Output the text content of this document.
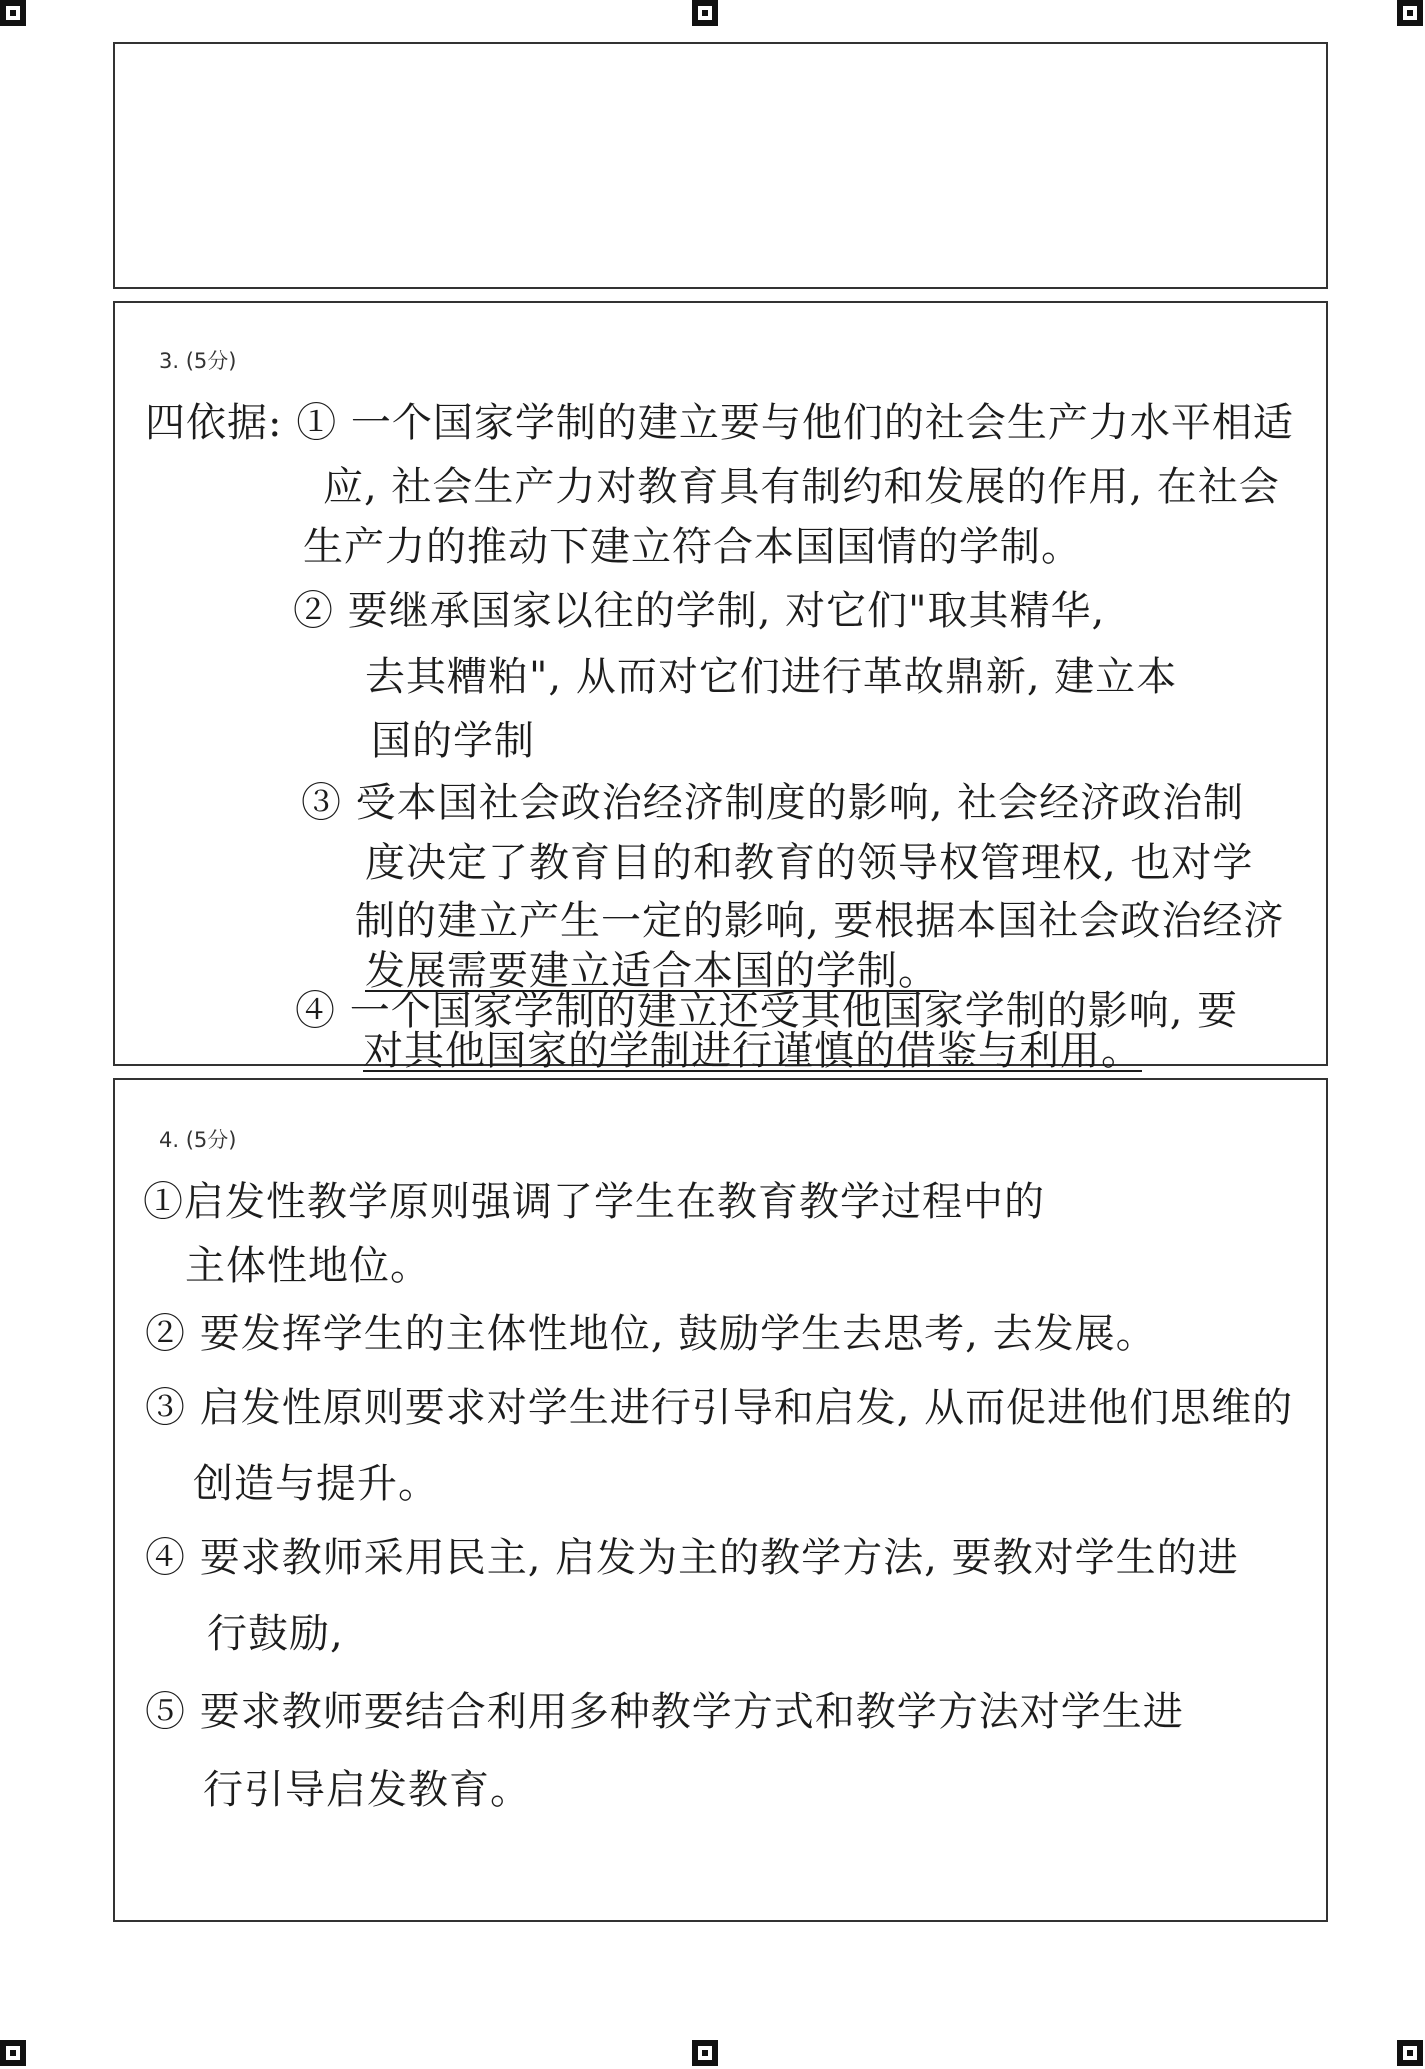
3. (5分)
四依据: ① 一个国家学制的建立要与他们的社会生产力水平相适
应, 社会生产力对教育具有制约和发展的作用, 在社会
生产力的推动下建立符合本国国情的学制。
② 要继承国家以往的学制, 对它们"取其精华,
去其糟粕", 从而对它们进行革故鼎新, 建立本
国的学制
③ 受本国社会政治经济制度的影响, 社会经济政治制
度决定了教育目的和教育的领导权管理权, 也对学
制的建立产生一定的影响, 要根据本国社会政治经济
发展需要建立适合本国的学制。
④ 一个国家学制的建立还受其他国家学制的影响, 要
对其他国家的学制进行谨慎的借鉴与利用。
4. (5分)
①启发性教学原则强调了学生在教育教学过程中的
主体性地位。
② 要发挥学生的主体性地位, 鼓励学生去思考, 去发展。
③ 启发性原则要求对学生进行引导和启发, 从而促进他们思维的
创造与提升。
④ 要求教师采用民主, 启发为主的教学方法, 要教对学生的进
行鼓励,
⑤ 要求教师要结合利用多种教学方式和教学方法对学生进
行引导启发教育。
